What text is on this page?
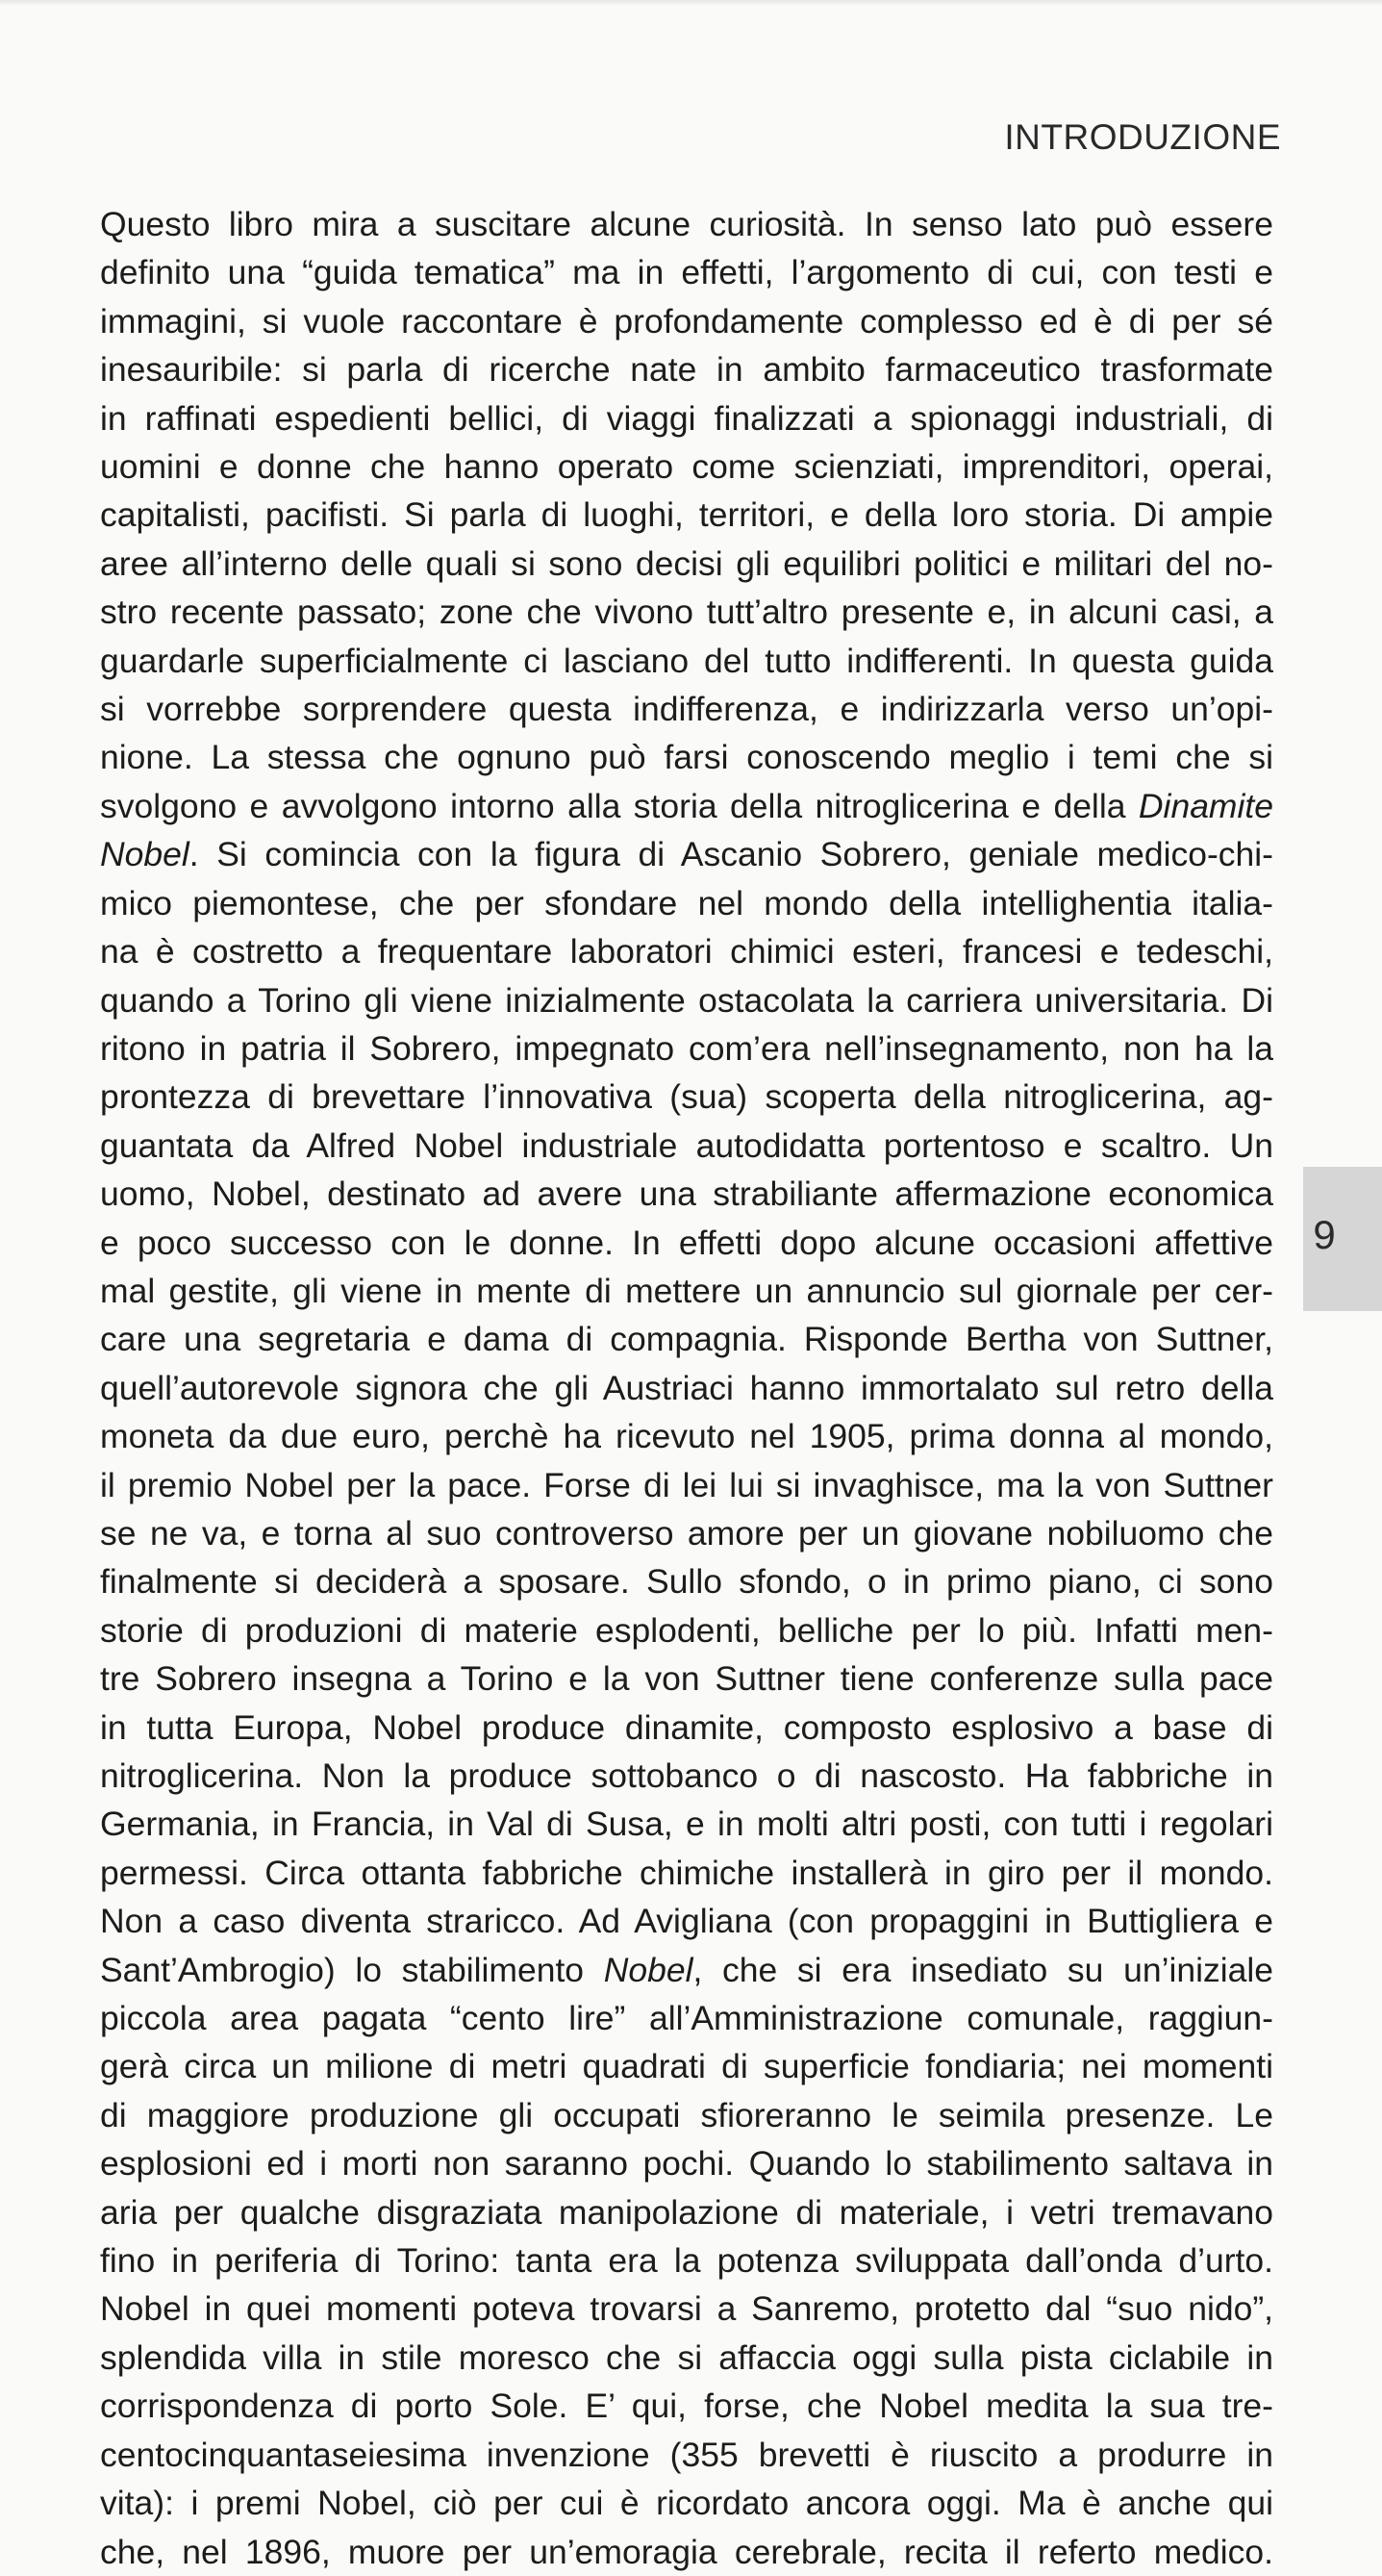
INTRODUZIONE
Questo libro mira a suscitare alcune curiosità. In senso lato può essere
definito una “guida tematica” ma in effetti, l’argomento di cui, con testi e
immagini, si vuole raccontare è profondamente complesso ed è di per sé
inesauribile: si parla di ricerche nate in ambito farmaceutico trasformate
in raffinati espedienti bellici, di viaggi finalizzati a spionaggi industriali, di
uomini e donne che hanno operato come scienziati, imprenditori, operai,
capitalisti, pacifisti. Si parla di luoghi, territori, e della loro storia. Di ampie
aree all’interno delle quali si sono decisi gli equilibri politici e militari del no-
stro recente passato; zone che vivono tutt’altro presente e, in alcuni casi, a
guardarle superficialmente ci lasciano del tutto indifferenti. In questa guida
si vorrebbe sorprendere questa indifferenza, e indirizzarla verso un’opi-
nione. La stessa che ognuno può farsi conoscendo meglio i temi che si
svolgono e avvolgono intorno alla storia della nitroglicerina e della Dinamite
Nobel. Si comincia con la figura di Ascanio Sobrero, geniale medico-chi-
mico piemontese, che per sfondare nel mondo della intellighentia italia-
na è costretto a frequentare laboratori chimici esteri, francesi e tedeschi,
quando a Torino gli viene inizialmente ostacolata la carriera universitaria. Di
ritono in patria il Sobrero, impegnato com’era nell’insegnamento, non ha la
prontezza di brevettare l’innovativa (sua) scoperta della nitroglicerina, ag-
guantata da Alfred Nobel industriale autodidatta portentoso e scaltro. Un
uomo, Nobel, destinato ad avere una strabiliante affermazione economica
e poco successo con le donne. In effetti dopo alcune occasioni affettive
mal gestite, gli viene in mente di mettere un annuncio sul giornale per cer-
care una segretaria e dama di compagnia. Risponde Bertha von Suttner,
quell’autorevole signora che gli Austriaci hanno immortalato sul retro della
moneta da due euro, perchè ha ricevuto nel 1905, prima donna al mondo,
il premio Nobel per la pace. Forse di lei lui si invaghisce, ma la von Suttner
se ne va, e torna al suo controverso amore per un giovane nobiluomo che
finalmente si deciderà a sposare. Sullo sfondo, o in primo piano, ci sono
storie di produzioni di materie esplodenti, belliche per lo più. Infatti men-
tre Sobrero insegna a Torino e la von Suttner tiene conferenze sulla pace
in tutta Europa, Nobel produce dinamite, composto esplosivo a base di
nitroglicerina. Non la produce sottobanco o di nascosto. Ha fabbriche in
Germania, in Francia, in Val di Susa, e in molti altri posti, con tutti i regolari
permessi. Circa ottanta fabbriche chimiche installerà in giro per il mondo.
Non a caso diventa straricco. Ad Avigliana (con propaggini in Buttigliera e
Sant’Ambrogio) lo stabilimento Nobel, che si era insediato su un’iniziale
piccola area pagata “cento lire” all’Amministrazione comunale, raggiun-
gerà circa un milione di metri quadrati di superficie fondiaria; nei momenti
di maggiore produzione gli occupati sfioreranno le seimila presenze. Le
esplosioni ed i morti non saranno pochi. Quando lo stabilimento saltava in
aria per qualche disgraziata manipolazione di materiale, i vetri tremavano
fino in periferia di Torino: tanta era la potenza sviluppata dall’onda d’urto.
Nobel in quei momenti poteva trovarsi a Sanremo, protetto dal “suo nido”,
splendida villa in stile moresco che si affaccia oggi sulla pista ciclabile in
corrispondenza di porto Sole. E’ qui, forse, che Nobel medita la sua tre-
centocinquantaseiesima invenzione (355 brevetti è riuscito a produrre in
vita): i premi Nobel, ciò per cui è ricordato ancora oggi. Ma è anche qui
che, nel 1896, muore per un’emoragia cerebrale, recita il referto medico.
9
